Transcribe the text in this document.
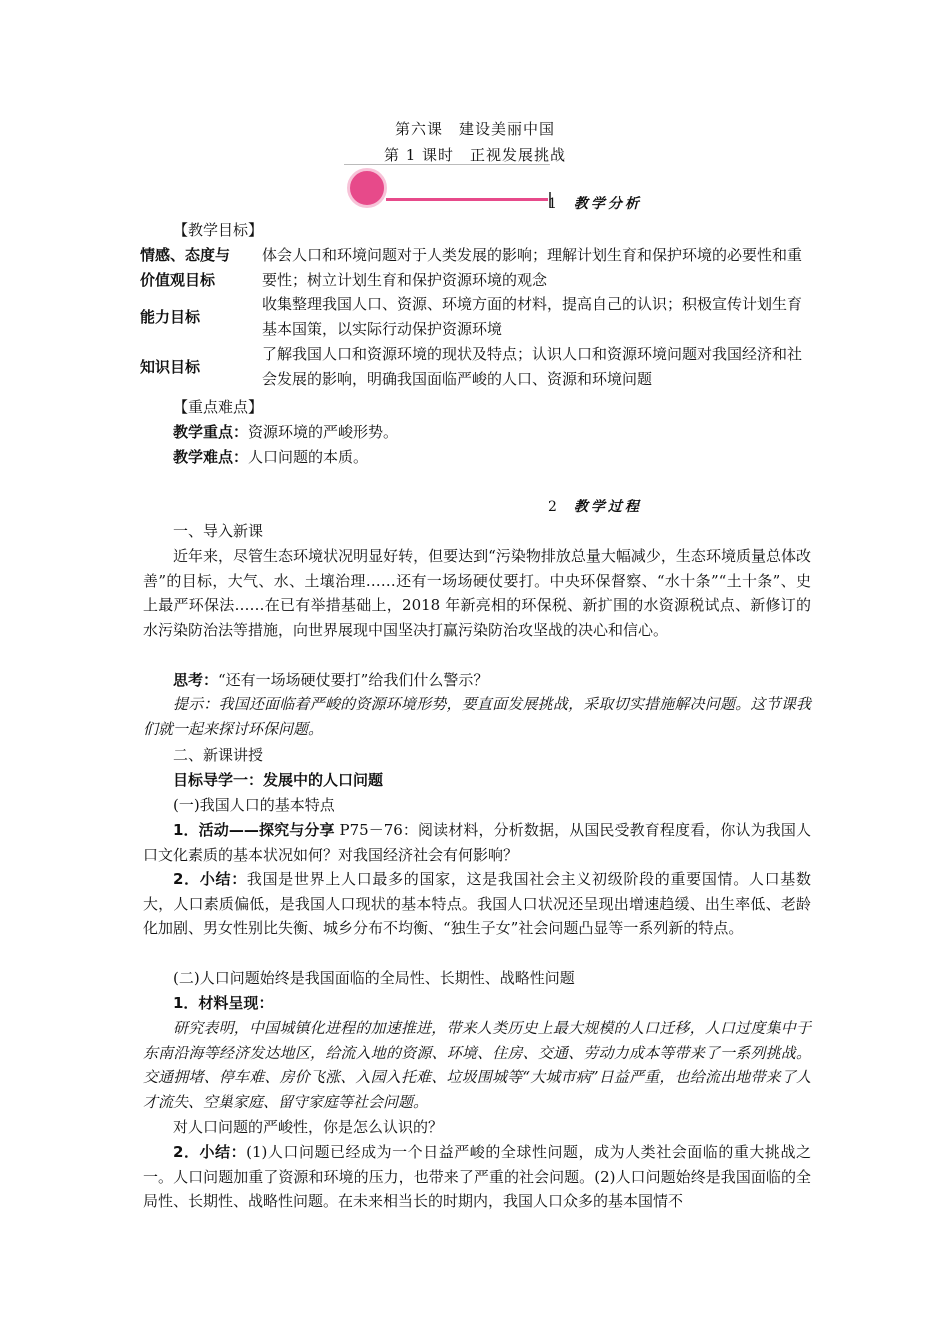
第六课　建设美丽中国
第 1 课时　正视发展挑战
1 教学分析
【教学目标】
情感、态度与
价值观目标
体会人口和环境问题对于人类发展的影响；理解计划生育和保护环境的必要性和重要性；树立计划生育和保护资源环境的观念
能力目标
收集整理我国人口、资源、环境方面的材料，提高自己的认识；积极宣传计划生育基本国策，以实际行动保护资源环境
知识目标
了解我国人口和资源环境的现状及特点；认识人口和资源环境问题对我国经济和社会发展的影响，明确我国面临严峻的人口、资源和环境问题
【重点难点】
教学重点：资源环境的严峻形势。
教学难点：人口问题的本质。
2 教学过程
一、导入新课
近年来，尽管生态环境状况明显好转，但要达到“污染物排放总量大幅减少，生态环境质量总体改善”的目标，大气、水、土壤治理……还有一场场硬仗要打。中央环保督察、“水十条”“土十条”、史上最严环保法……在已有举措基础上，2018 年新亮相的环保税、新扩围的水资源税试点、新修订的水污染防治法等措施，向世界展现中国坚决打赢污染防治攻坚战的决心和信心。
思考：“还有一场场硬仗要打”给我们什么警示？
提示：我国还面临着严峻的资源环境形势，要直面发展挑战，采取切实措施解决问题。这节课我们就一起来探讨环保问题。
二、新课讲授
目标导学一：发展中的人口问题
(一)我国人口的基本特点
1．活动——探究与分享 P75－76：阅读材料，分析数据，从国民受教育程度看，你认为我国人口文化素质的基本状况如何？对我国经济社会有何影响？
2．小结：我国是世界上人口最多的国家，这是我国社会主义初级阶段的重要国情。人口基数大，人口素质偏低，是我国人口现状的基本特点。我国人口状况还呈现出增速趋缓、出生率低、老龄化加剧、男女性别比失衡、城乡分布不均衡、“独生子女”社会问题凸显等一系列新的特点。
(二)人口问题始终是我国面临的全局性、长期性、战略性问题
1．材料呈现：
研究表明，中国城镇化进程的加速推进，带来人类历史上最大规模的人口迁移，人口过度集中于东南沿海等经济发达地区，给流入地的资源、环境、住房、交通、劳动力成本等带来了一系列挑战。交通拥堵、停车难、房价飞涨、入园入托难、垃圾围城等“大城市病”日益严重，也给流出地带来了人才流失、空巢家庭、留守家庭等社会问题。
对人口问题的严峻性，你是怎么认识的？
2．小结：(1)人口问题已经成为一个日益严峻的全球性问题，成为人类社会面临的重大挑战之一。人口问题加重了资源和环境的压力，也带来了严重的社会问题。(2)人口问题始终是我国面临的全局性、长期性、战略性问题。在未来相当长的时期内，我国人口众多的基本国情不
